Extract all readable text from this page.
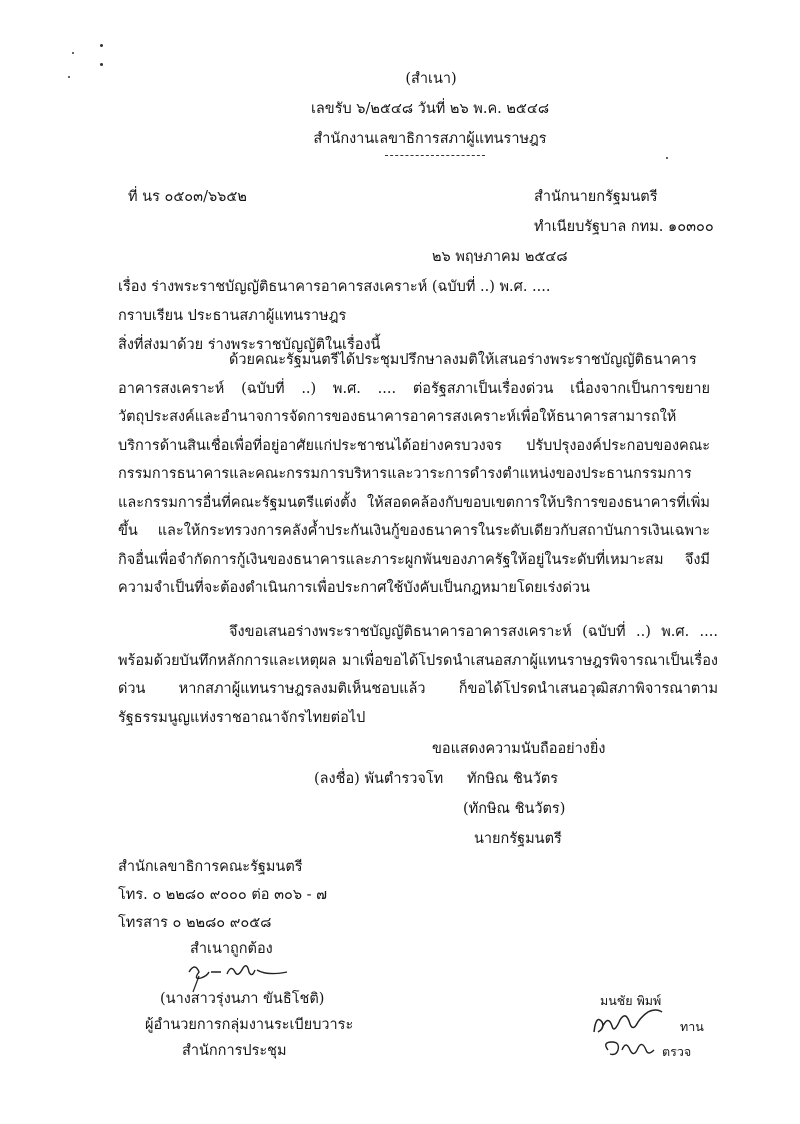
(สำเนา)
เลขรับ ๖/๒๕๔๘ วันที่ ๒๖ พ.ค. ๒๕๔๘
สำนักงานเลขาธิการสภาผู้แทนราษฎร
ที่ นร ๐๕๐๓/๖๖๕๒	สำนักนายกรัฐมนตรี
ทำเนียบรัฐบาล กทม. ๑๐๓๐๐
๒๖ พฤษภาคม ๒๕๔๘
เรื่อง ร่างพระราชบัญญัติธนาคารอาคารสงเคราะห์ (ฉบับที่ ..) พ.ศ. ....
กราบเรียน ประธานสภาผู้แทนราษฎร
สิ่งที่ส่งมาด้วย ร่างพระราชบัญญัติในเรื่องนี้
ด้วยคณะรัฐมนตรีได้ประชุมปรึกษาลงมติให้เสนอร่างพระราชบัญญัติธนาคารอาคารสงเคราะห์ (ฉบับที่ ..) พ.ศ. .... ต่อรัฐสภาเป็นเรื่องด่วน เนื่องจากเป็นการขยายวัตถุประสงค์และอำนาจการจัดการของธนาคารอาคารสงเคราะห์เพื่อให้ธนาคารสามารถให้บริการด้านสินเชื่อเพื่อที่อยู่อาศัยแก่ประชาชนได้อย่างครบวงจร ปรับปรุงองค์ประกอบของคณะกรรมการธนาคารและคณะกรรมการบริหารและวาระการดำรงตำแหน่งของประธานกรรมการและกรรมการอื่นที่คณะรัฐมนตรีแต่งตั้ง ให้สอดคล้องกับขอบเขตการให้บริการของธนาคารที่เพิ่มขึ้น และให้กระทรวงการคลังค้ำประกันเงินกู้ของธนาคารในระดับเดียวกับสถาบันการเงินเฉพาะกิจอื่นเพื่อจำกัดการกู้เงินของธนาคารและภาระผูกพันของภาครัฐให้อยู่ในระดับที่เหมาะสม จึงมีความจำเป็นที่จะต้องดำเนินการเพื่อประกาศใช้บังคับเป็นกฎหมายโดยเร่งด่วน
จึงขอเสนอร่างพระราชบัญญัติธนาคารอาคารสงเคราะห์ (ฉบับที่ ..) พ.ศ. .... พร้อมด้วยบันทึกหลักการและเหตุผล มาเพื่อขอได้โปรดนำเสนอสภาผู้แทนราษฎรพิจารณาเป็นเรื่องด่วน หากสภาผู้แทนราษฎรลงมติเห็นชอบแล้ว ก็ขอได้โปรดนำเสนอวุฒิสภาพิจารณาตามรัฐธรรมนูญแห่งราชอาณาจักรไทยต่อไป
ขอแสดงความนับถืออย่างยิ่ง
(ลงชื่อ) พันตำรวจโท ทักษิณ ชินวัตร
(ทักษิณ ชินวัตร)
นายกรัฐมนตรี
สำนักเลขาธิการคณะรัฐมนตรี
โทร. ๐ ๒๒๘๐ ๙๐๐๐ ต่อ ๓๐๖ - ๗
โทรสาร ๐ ๒๒๘๐ ๙๐๕๘
สำเนาถูกต้อง
(นางสาวรุ่งนภา ขันธิโชติ)
ผู้อำนวยการกลุ่มงานระเบียบวาระ
สำนักการประชุม
มนชัย พิมพ์
ทาน
ตรวจ
